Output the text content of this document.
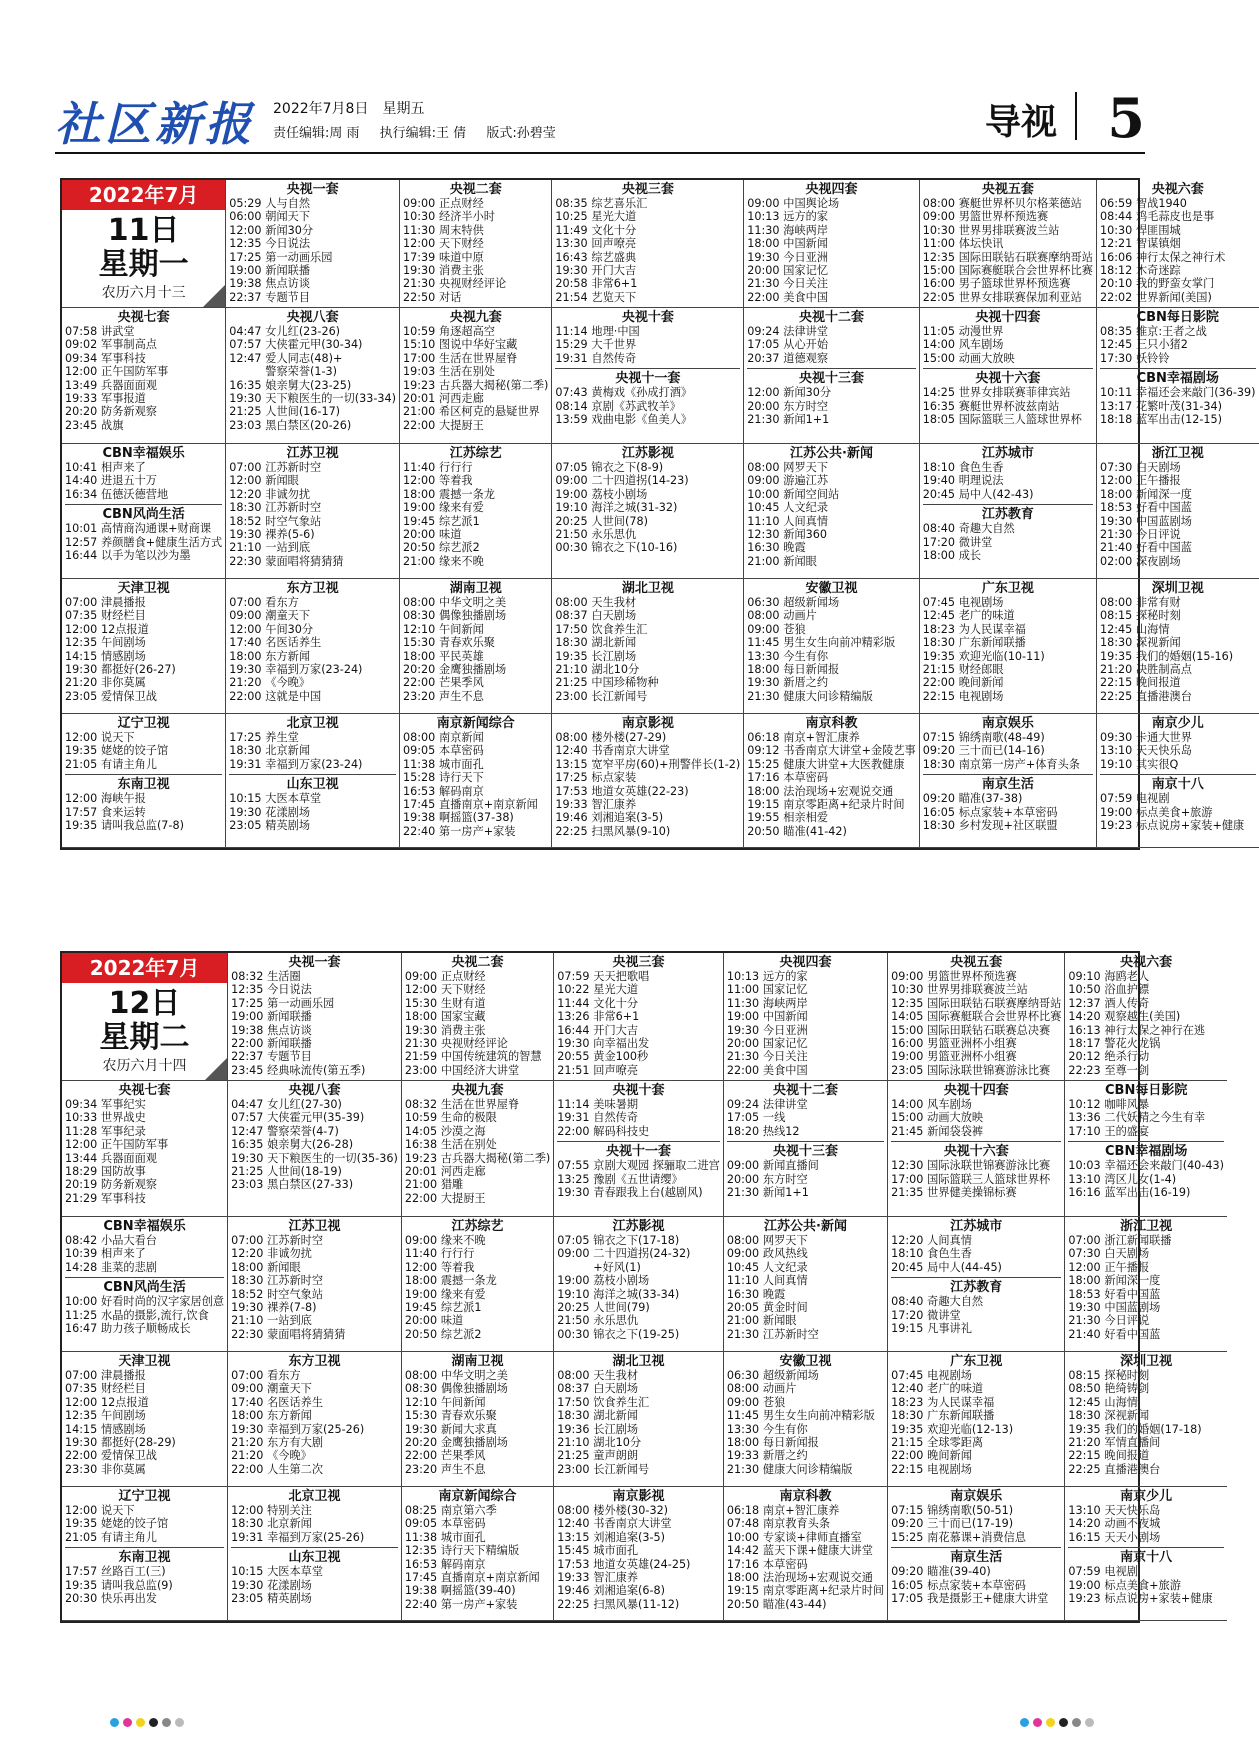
社区新报 2022年7月8日　星期五
责任编辑:周 雨 执行编辑:王 倩 版式:孙碧莹	导视 5
2022年7月
11日
星期一
农历六月十三
央视一套
05:29 人与自然
06:00 朝闻天下
12:00 新闻30分
12:35 今日说法
17:25 第一动画乐园
19:00 新闻联播
19:38 焦点访谈
22:37 专题节目
央视二套
09:00 正点财经
10:30 经济半小时
11:30 周末特供
12:00 天下财经
17:39 味道中原
19:30 消费主张
21:30 央视财经评论
22:50 对话
央视三套
08:35 综艺喜乐汇
10:25 星光大道
11:49 文化十分
13:30 回声嘹亮
16:43 综艺盛典
19:30 开门大吉
20:58 非常6+1
21:54 艺览天下
央视四套
09:00 中国舆论场
10:13 远方的家
11:30 海峡两岸
18:00 中国新闻
19:30 今日亚洲
20:00 国家记忆
21:30 今日关注
22:00 美食中国
央视五套
08:00 赛艇世界杯贝尔格莱德站
09:00 男篮世界杯预选赛
10:30 世界男排联赛波兰站
11:00 体坛快讯
12:35 国际田联钻石联赛摩纳哥站
15:00 国际赛艇联合会世界杯比赛
16:00 男子篮球世界杯预选赛
22:05 世界女排联赛保加利亚站
央视六套
06:59 智战1940
08:44 鸡毛蒜皮也是事
10:30 悍匪围城
12:21 智谋镇烟
16:06 神行太保之神行术
18:12 木奇迷踪
20:10 我的野蛮女掌门
22:02 世界新闻(美国)
央视七套
07:58 讲武堂
09:02 军事制高点
09:34 军事科技
12:00 正午国防军事
13:49 兵器面面观
19:33 军事报道
20:20 防务新观察
23:45 战旗
央视八套
04:47 女儿红(23-26)
07:57 大侠霍元甲(30-34)
12:47 爱人同志(48)+
警察荣誉(1-3)
16:35 娘亲舅大(23-25)
19:30 天下粮医生的一切(33-34)
21:25 人世间(16-17)
23:03 黑白禁区(20-26)
央视九套
10:59 角逐超高空
15:10 图说中华好宝藏
17:00 生活在世界屋脊
19:03 生活在别处
19:23 古兵器大揭秘(第二季)
20:01 河西走廊
21:00 希区柯克的悬疑世界
22:00 大提厨王
央视十套
11:14 地理·中国
15:29 大千世界
19:31 自然传奇
央视十一套
07:43 黄梅戏《孙成打酒》
08:14 京剧《苏武牧羊》
13:59 戏曲电影《鱼美人》
央视十二套
09:24 法律讲堂
17:05 从心开始
20:37 道德观察
央视十三套
12:00 新闻30分
20:00 东方时空
21:30 新闻1+1
央视十四套
11:05 动漫世界
14:00 风车剧场
15:00 动画大放映
央视十六套
14:25 世界女排联赛菲律宾站
16:35 赛艇世界杯波兹南站
18:05 国际篮联三人篮球世界杯
CBN每日影院
08:35 维京:王者之战
12:45 三只小猪2
17:30 妖铃铃
CBN幸福剧场
10:11 幸福还会来敲门(36-39)
13:17 花繁叶茂(31-34)
18:18 蓝军出击(12-15)
CBN幸福娱乐
10:41 相声来了
14:40 进退五十万
16:34 伍德沃德营地
CBN风尚生活
10:01 高情商沟通课+财商课
12:57 养颜膳食+健康生活方式
16:44 以手为笔以沙为墨
江苏卫视
07:00 江苏新时空
12:00 新闻眼
12:20 非诚勿扰
18:30 江苏新时空
18:52 时空气象站
19:30 裸养(5-6)
21:10 一站到底
22:30 蒙面唱将猜猜猜
江苏综艺
11:40 行行行
12:00 等着我
18:00 震撼一条龙
19:00 缘来有爱
19:45 综艺派1
20:00 味道
20:50 综艺派2
21:00 缘来不晚
江苏影视
07:05 锦衣之下(8-9)
09:00 二十四道拐(14-23)
19:00 荔枝小剧场
19:10 海洋之城(31-32)
20:25 人世间(78)
21:50 永乐思仇
00:30 锦衣之下(10-16)
江苏公共·新闻
08:00 网罗天下
09:00 游遍江苏
10:00 新闻空间站
10:45 人文纪录
11:10 人间真情
12:30 新闻360
16:30 晚霞
21:00 新闻眼
江苏城市
18:10 食色生香
19:40 明理说法
20:45 局中人(42-43)
江苏教育
08:40 奇趣大自然
17:20 微讲堂
18:00 成长
浙江卫视
07:30 白天剧场
12:00 正午播报
18:00 新闻深一度
18:53 好看中国蓝
19:30 中国蓝剧场
21:30 今日评说
21:40 好看中国蓝
02:00 深夜剧场
天津卫视
07:00 津晨播报
07:35 财经栏目
12:00 12点报道
12:35 午间剧场
14:15 情感剧场
19:30 都挺好(26-27)
21:20 非你莫属
23:05 爱情保卫战
东方卫视
07:00 看东方
09:00 潮童天下
12:00 午间30分
17:40 名医话养生
18:00 东方新闻
19:30 幸福到万家(23-24)
21:20 《今晚》
22:00 这就是中国
湖南卫视
08:00 中华文明之美
08:30 偶像独播剧场
12:10 午间新闻
15:30 青春欢乐聚
18:00 平民英雄
20:20 金鹰独播剧场
22:00 芒果季风
23:20 声生不息
湖北卫视
08:00 天生我材
08:37 白天剧场
17:50 饮食养生汇
18:30 湖北新闻
19:35 长江剧场
21:10 湖北10分
21:25 中国珍稀物种
23:00 长江新闻号
安徽卫视
06:30 超级新闻场
08:00 动画片
09:00 苍狼
11:45 男生女生向前冲精彩版
13:30 今生有你
18:00 每日新闻报
19:30 新厝之约
21:30 健康大问诊精编版
广东卫视
07:45 电视剧场
12:45 老广的味道
18:23 为人民谋幸福
18:30 广东新闻联播
19:35 欢迎光临(10-11)
21:15 财经郎眼
22:00 晚间新闻
22:15 电视剧场
深圳卫视
08:00 非常有财
08:15 探秘时刻
12:45 山海情
18:30 深视新闻
19:35 我们的婚姻(15-16)
21:20 决胜制高点
22:15 晚间报道
22:25 直播港澳台
辽宁卫视
12:00 说天下
19:35 姥姥的饺子馆
21:05 有请主角儿
东南卫视
12:00 海峡午报
17:57 食来运转
19:35 请叫我总监(7-8)
北京卫视
17:25 养生堂
18:30 北京新闻
19:31 幸福到万家(23-24)
山东卫视
10:15 大医本草堂
19:30 花漾剧场
23:05 精英剧场
南京新闻综合
08:00 南京新闻
09:05 本草密码
11:38 城市面孔
15:28 诗行天下
16:53 解码南京
17:45 直播南京+南京新闻
19:38 啊摇篮(37-38)
22:40 第一房产+家装
南京影视
08:00 楼外楼(27-29)
12:40 书香南京大讲堂
13:15 宽窄平房(60)+刑警伴长(1-2)
17:25 标点家装
17:53 地道女英雄(22-23)
19:33 智汇康养
19:46 刘湘追案(3-5)
22:25 扫黑风暴(9-10)
南京科教
06:18 南京+智汇康养
09:12 书香南京大讲堂+金陵艺事
15:25 健康大讲堂+大医教健康
17:16 本草密码
18:00 法治现场+宏观说交通
19:15 南京零距离+纪录片时间
19:55 相亲相爱
20:50 瞄准(41-42)
南京娱乐
07:15 锦绣南歌(48-49)
09:20 三十而已(14-16)
18:30 南京第一房产+体育头条
南京生活
09:20 瞄准(37-38)
16:05 标点家装+本草密码
18:30 乡村发现+社区联盟
南京少儿
09:30 卡通大世界
13:10 天天快乐岛
19:10 其实很Q
南京十八
07:59 电视剧
19:00 标点美食+旅游
19:23 标点说房+家装+健康
2022年7月
12日
星期二
农历六月十四
央视一套
08:32 生活圈
12:35 今日说法
17:25 第一动画乐园
19:00 新闻联播
19:38 焦点访谈
22:00 新闻联播
22:37 专题节目
23:45 经典咏流传(第五季)
央视二套
09:00 正点财经
12:00 天下财经
15:30 生财有道
18:00 国家宝藏
19:30 消费主张
21:30 央视财经评论
21:59 中国传统建筑的智慧
23:00 中国经济大讲堂
央视三套
07:59 天天把歌唱
10:22 星光大道
11:44 文化十分
13:26 非常6+1
16:44 开门大吉
19:30 向幸福出发
20:55 黄金100秒
21:51 回声嘹亮
央视四套
10:13 远方的家
11:00 国家记忆
11:30 海峡两岸
19:00 中国新闻
19:30 今日亚洲
20:00 国家记忆
21:30 今日关注
22:00 美食中国
央视五套
09:00 男篮世界杯预选赛
10:30 世界男排联赛波兰站
12:35 国际田联钻石联赛摩纳哥站
14:05 国际赛艇联合会世界杯比赛
15:00 国际田联钻石联赛总决赛
16:00 男篮亚洲杯小组赛
19:00 男篮亚洲杯小组赛
23:05 国际泳联世锦赛游泳比赛
央视六套
09:10 海鸥老人
10:50 浴血护镖
12:37 酒人传奇
14:20 观察越生(美国)
16:13 神行太保之神行在逃
18:17 警花火龙锅
20:12 绝杀行动
22:23 至尊一剑
央视七套
09:34 军事纪实
10:33 世界战史
11:28 军事纪录
12:00 正午国防军事
13:44 兵器面面观
18:29 国防故事
20:19 防务新观察
21:29 军事科技
央视八套
04:47 女儿红(27-30)
07:57 大侠霍元甲(35-39)
12:47 警察荣誉(4-7)
16:35 娘亲舅大(26-28)
19:30 天下粮医生的一切(35-36)
21:25 人世间(18-19)
23:03 黑白禁区(27-33)
央视九套
08:32 生活在世界屋脊
10:59 生命的极限
14:05 沙漠之海
16:38 生活在别处
19:23 古兵器大揭秘(第二季)
20:01 河西走廊
21:00 猎雕
22:00 大提厨王
央视十套
11:14 美味暑期
19:31 自然传奇
22:00 解码科技史
央视十一套
07:55 京剧大观园 探骊取二进宫
13:25 豫剧《五世请缨》
19:30 青春跟我上台(越剧风)
央视十二套
09:24 法律讲堂
17:05 一线
18:20 热线12
央视十三套
09:00 新闻直播间
20:00 东方时空
21:30 新闻1+1
央视十四套
14:00 风车剧场
15:00 动画大放映
21:45 新闻袋袋裤
央视十六套
12:30 国际泳联世锦赛游泳比赛
17:00 国际篮联三人篮球世界杯
21:35 世界健美操锦标赛
CBN每日影院
10:12 咖啡风暴
13:36 二代妖精之今生有幸
17:10 王的盛宴
CBN幸福剧场
10:03 幸福还会来敲门(40-43)
13:10 湾区儿女(1-4)
16:16 蓝军出击(16-19)
CBN幸福娱乐
08:42 小品大看台
10:39 相声来了
14:28 韭菜的悲剧
CBN风尚生活
10:00 好看时尚的汉字家居创意
11:25 水晶的摄影,流行,饮食
16:47 助力孩子顺畅成长
江苏卫视
07:00 江苏新时空
12:20 非诚勿扰
18:00 新闻眼
18:30 江苏新时空
18:52 时空气象站
19:30 裸养(7-8)
21:10 一站到底
22:30 蒙面唱将猜猜猜
江苏综艺
09:00 缘来不晚
11:40 行行行
12:00 等着我
18:00 震撼一条龙
19:00 缘来有爱
19:45 综艺派1
20:00 味道
20:50 综艺派2
江苏影视
07:05 锦衣之下(17-18)
09:00 二十四道拐(24-32)
+好风(1)
19:00 荔枝小剧场
19:10 海洋之城(33-34)
20:25 人世间(79)
21:50 永乐思仇
00:30 锦衣之下(19-25)
江苏公共·新闻
08:00 网罗天下
09:00 政风热线
10:45 人文纪录
11:10 人间真情
16:30 晚霞
20:05 黄金时间
21:00 新闻眼
21:30 江苏新时空
江苏城市
12:20 人间真情
18:10 食色生香
20:45 局中人(44-45)
江苏教育
08:40 奇趣大自然
17:20 微讲堂
19:15 凡事讲礼
浙江卫视
07:00 浙江新闻联播
07:30 白天剧场
12:00 正午播报
18:00 新闻深一度
18:53 好看中国蓝
19:30 中国蓝剧场
21:30 今日评说
21:40 好看中国蓝
天津卫视
07:00 津晨播报
07:35 财经栏目
12:00 12点报道
12:35 午间剧场
14:15 情感剧场
19:30 都挺好(28-29)
22:00 爱情保卫战
23:30 非你莫属
东方卫视
07:00 看东方
09:00 潮童天下
17:40 名医话养生
18:00 东方新闻
19:30 幸福到万家(25-26)
21:20 东方有大剧
21:20 《今晚》
22:00 人生第二次
湖南卫视
08:00 中华文明之美
08:30 偶像独播剧场
12:10 午间新闻
15:30 青春欢乐聚
19:30 新闻大求真
20:20 金鹰独播剧场
22:00 芒果季风
23:20 声生不息
湖北卫视
08:00 天生我材
08:37 白天剧场
17:50 饮食养生汇
18:30 湖北新闻
19:36 长江剧场
21:10 湖北10分
21:25 童声朗朗
23:00 长江新闻号
安徽卫视
06:30 超级新闻场
08:00 动画片
09:00 苍狼
11:45 男生女生向前冲精彩版
13:30 今生有你
18:00 每日新闻报
19:33 新厝之约
21:30 健康大问诊精编版
广东卫视
07:45 电视剧场
12:40 老广的味道
18:23 为人民谋幸福
18:30 广东新闻联播
19:35 欢迎光临(12-13)
21:15 全球零距离
22:00 晚间新闻
22:15 电视剧场
深圳卫视
08:15 探秘时刻
08:50 艳绮铸剑
12:45 山海情
18:30 深视新闻
19:35 我们的婚姻(17-18)
21:20 军情直播间
22:15 晚间报道
22:25 直播港澳台
辽宁卫视
12:00 说天下
19:35 姥姥的饺子馆
21:05 有请主角儿
东南卫视
17:57 丝路百工(三)
19:35 请叫我总监(9)
20:30 快乐再出发
北京卫视
12:00 特别关注
18:30 北京新闻
19:31 幸福到万家(25-26)
山东卫视
10:15 大医本草堂
19:30 花漾剧场
23:05 精英剧场
南京新闻综合
08:25 南京第六季
09:05 本草密码
11:38 城市面孔
12:35 诗行天下精编版
16:53 解码南京
17:45 直播南京+南京新闻
19:38 啊摇篮(39-40)
22:40 第一房产+家装
南京影视
08:00 楼外楼(30-32)
12:40 书香南京大讲堂
13:15 刘湘追案(3-5)
15:45 城市面孔
17:53 地道女英雄(24-25)
19:33 智汇康养
19:46 刘湘追案(6-8)
22:25 扫黑风暴(11-12)
南京科教
06:18 南京+智汇康养
07:48 南京教育头条
10:00 专家谈+律师直播室
14:42 蓝天下课+健康大讲堂
17:16 本草密码
18:00 法治现场+宏观说交通
19:15 南京零距离+纪录片时间
20:50 瞄准(43-44)
南京娱乐
07:15 锦绣南歌(50-51)
09:20 三十而已(17-19)
15:25 南花慕课+消费信息
南京生活
09:20 瞄准(39-40)
16:05 标点家装+本草密码
17:05 我是摄影王+健康大讲堂
南京少儿
13:10 天天快乐岛
14:20 动画不夜城
16:15 天天小剧场
南京十八
07:59 电视剧
19:00 标点美食+旅游
19:23 标点说房+家装+健康
